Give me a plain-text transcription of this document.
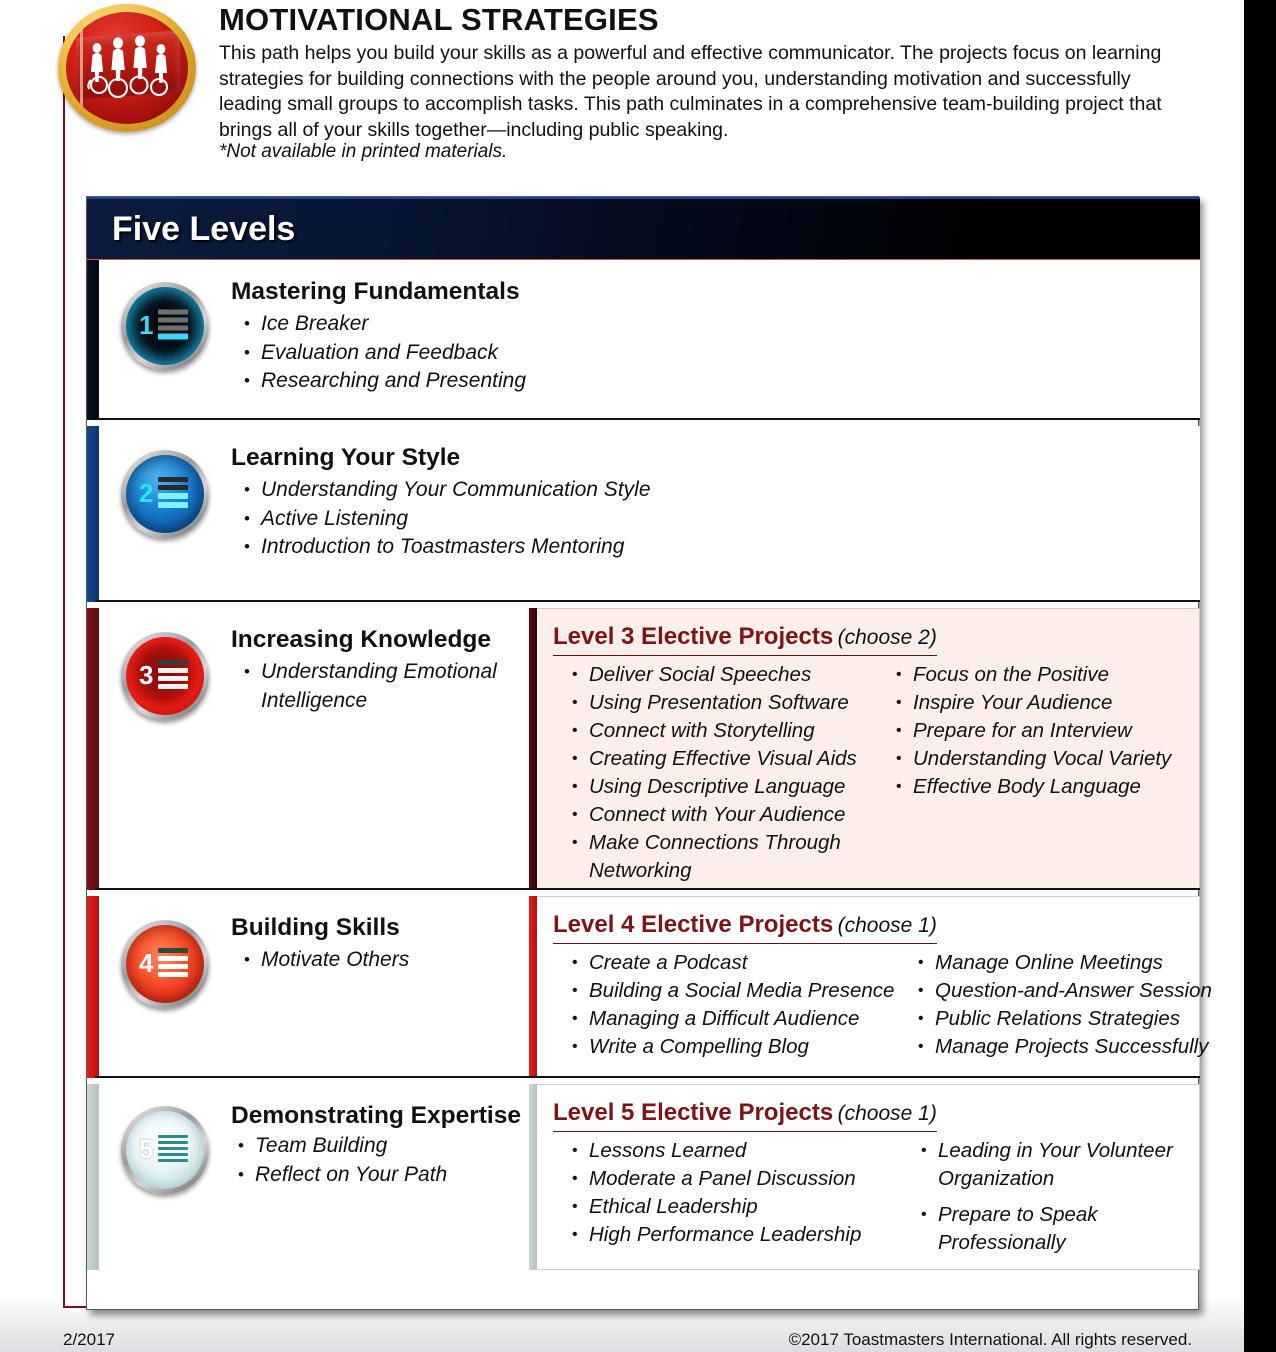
MOTIVATIONAL STRATEGIES
This path helps you build your skills as a powerful and effective communicator. The projects focus on learning strategies for building connections with the people around you, understanding motivation and successfully leading small groups to accomplish tasks. This path culminates in a comprehensive team-building project that brings all of your skills together—including public speaking.
*Not available in printed materials.
Five Levels
1
Mastering Fundamentals
• Ice Breaker
• Evaluation and Feedback
• Researching and Presenting
2
Learning Your Style
• Understanding Your Communication Style
• Active Listening
• Introduction to Toastmasters Mentoring
3
Increasing Knowledge
• Understanding Emotional Intelligence
Level 3 Elective Projects (choose 2)
• Deliver Social Speeches
• Using Presentation Software
• Connect with Storytelling
• Creating Effective Visual Aids
• Using Descriptive Language
• Connect with Your Audience
• Make Connections Through Networking
• Focus on the Positive
• Inspire Your Audience
• Prepare for an Interview
• Understanding Vocal Variety
• Effective Body Language
4
Building Skills
• Motivate Others
Level 4 Elective Projects (choose 1)
• Create a Podcast
• Building a Social Media Presence
• Managing a Difficult Audience
• Write a Compelling Blog
• Manage Online Meetings
• Question-and-Answer Session
• Public Relations Strategies
• Manage Projects Successfully
5
Demonstrating Expertise
• Team Building
• Reflect on Your Path
Level 5 Elective Projects (choose 1)
• Lessons Learned
• Moderate a Panel Discussion
• Ethical Leadership
• High Performance Leadership
• Leading in Your Volunteer Organization
• Prepare to Speak Professionally
2/2017	©2017 Toastmasters International. All rights reserved.
